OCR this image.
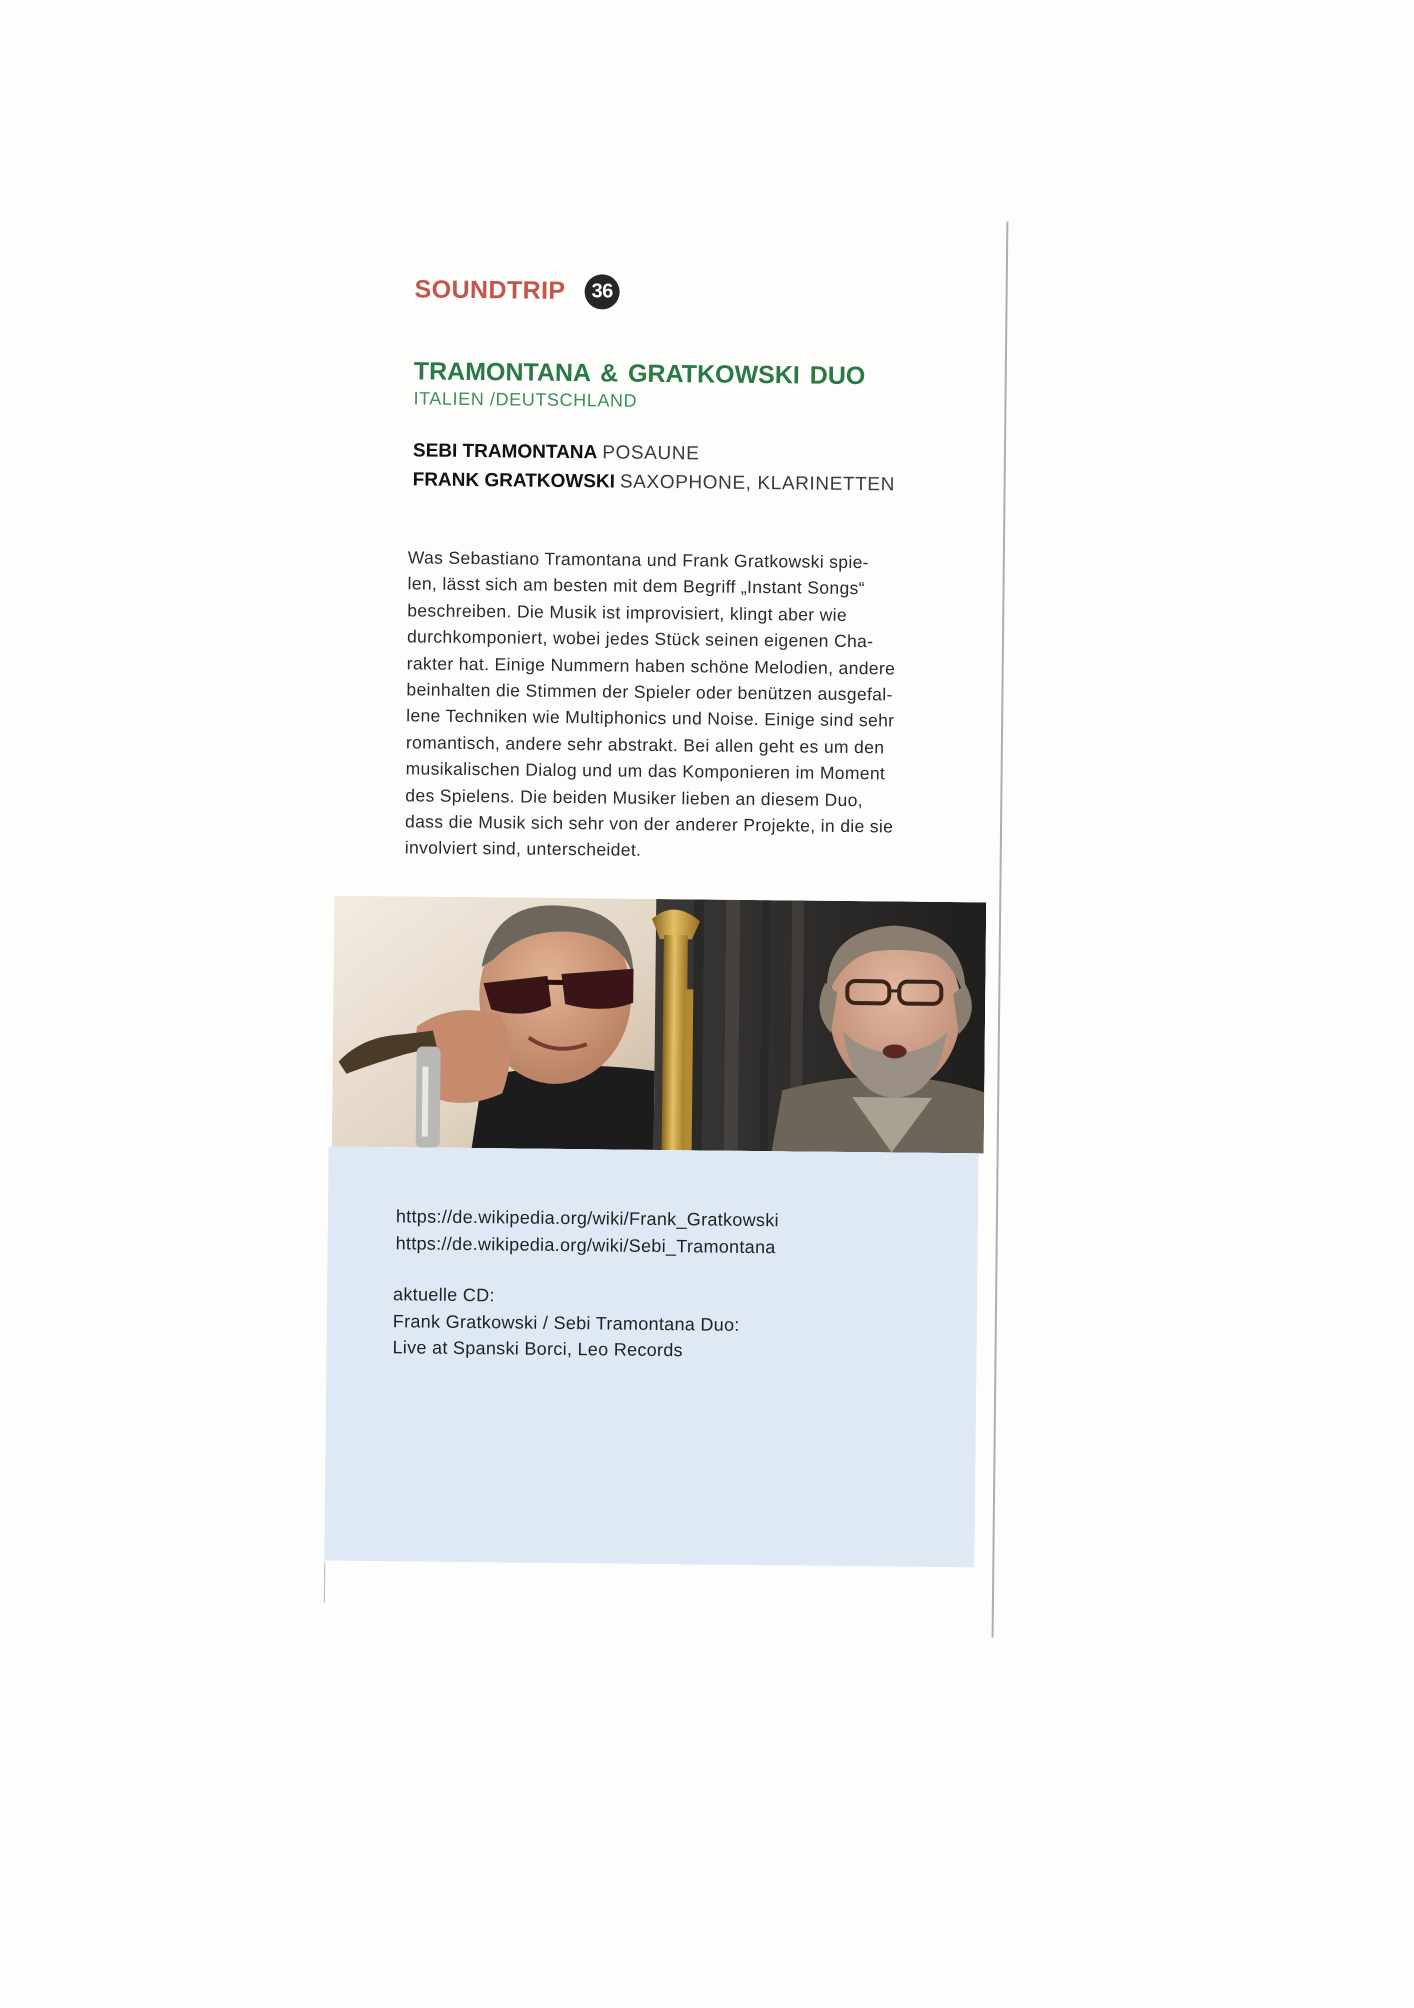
SOUNDTRIP	36
TRAMONTANA & GRATKOWSKI DUO
ITALIEN /DEUTSCHLAND
SEBI TRAMONTANA POSAUNE
FRANK GRATKOWSKI SAXOPHONE, KLARINETTEN
Was Sebastiano Tramontana und Frank Gratkowski spie-
len, lässt sich am besten mit dem Begriff „Instant Songs“
beschreiben. Die Musik ist improvisiert, klingt aber wie
durchkomponiert, wobei jedes Stück seinen eigenen Cha-
rakter hat. Einige Nummern haben schöne Melodien, andere
beinhalten die Stimmen der Spieler oder benützen ausgefal-
lene Techniken wie Multiphonics und Noise. Einige sind sehr
romantisch, andere sehr abstrakt. Bei allen geht es um den
musikalischen Dialog und um das Komponieren im Moment
des Spielens. Die beiden Musiker lieben an diesem Duo,
dass die Musik sich sehr von der anderer Projekte, in die sie
involviert sind, unterscheidet.
https://de.wikipedia.org/wiki/Frank_Gratkowski
https://de.wikipedia.org/wiki/Sebi_Tramontana
aktuelle CD:
Frank Gratkowski / Sebi Tramontana Duo:
Live at Spanski Borci, Leo Records
